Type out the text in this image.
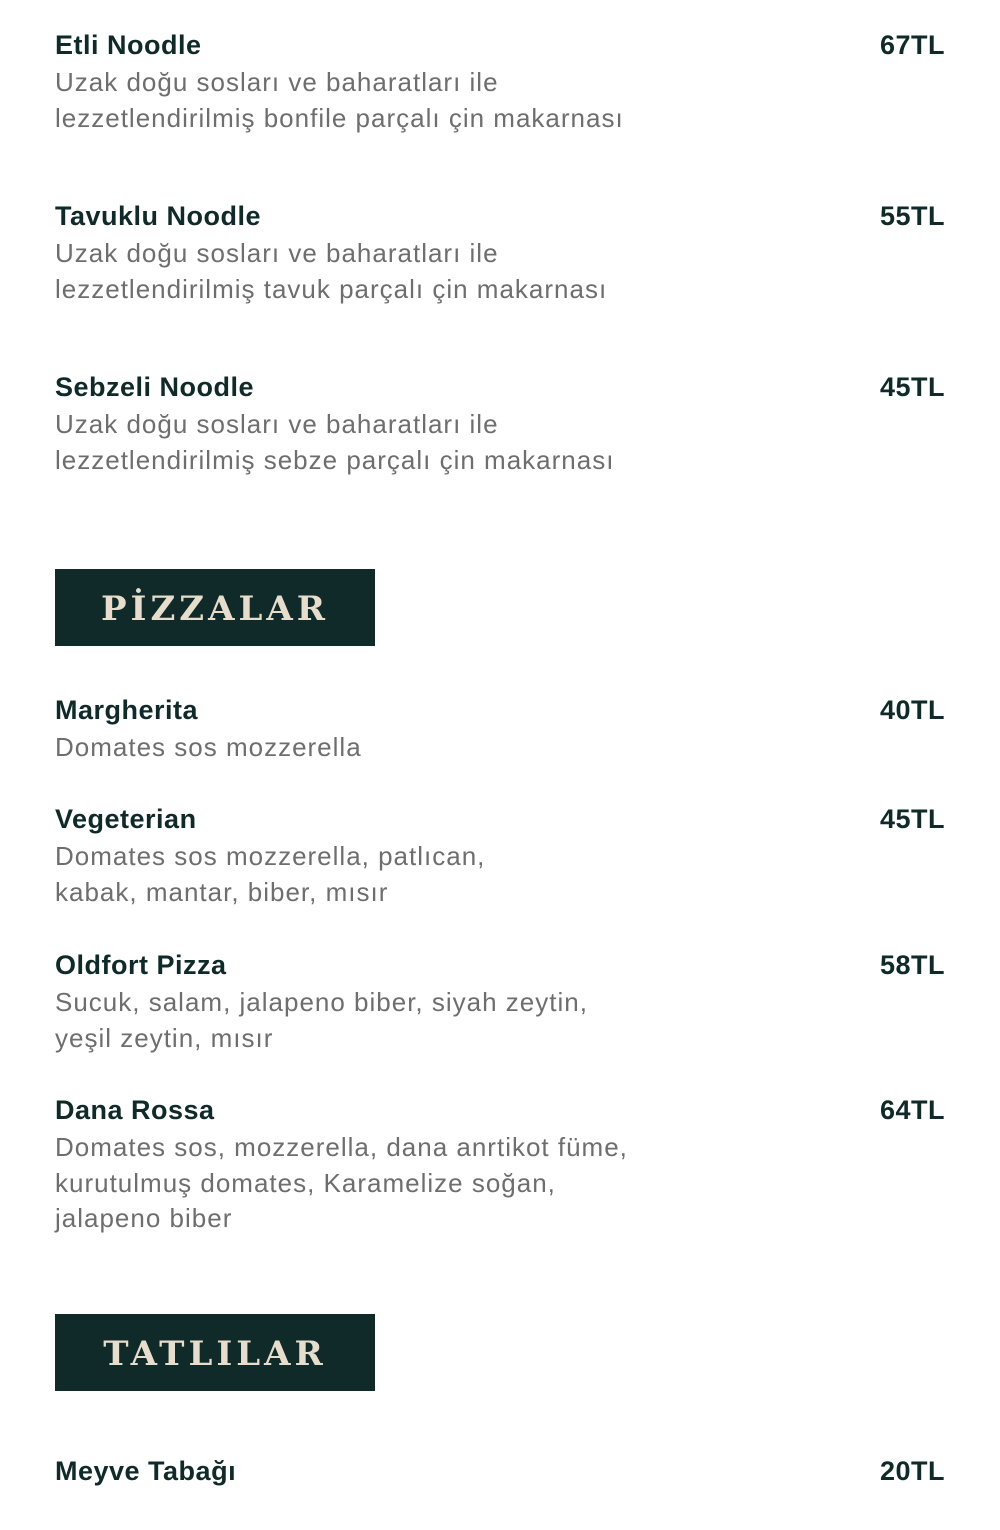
Etli Noodle	67TL
Uzak doğu sosları ve baharatları ile
lezzetlendirilmiş bonfile parçalı çin makarnası
Tavuklu Noodle	55TL
Uzak doğu sosları ve baharatları ile
lezzetlendirilmiş tavuk parçalı çin makarnası
Sebzeli Noodle	45TL
Uzak doğu sosları ve baharatları ile
lezzetlendirilmiş sebze parçalı çin makarnası
PİZZALAR
Margherita	40TL
Domates sos mozzerella
Vegeterian	45TL
Domates sos mozzerella, patlıcan,
kabak, mantar, biber, mısır
Oldfort Pizza	58TL
Sucuk, salam, jalapeno biber, siyah zeytin,
yeşil zeytin, mısır
Dana Rossa	64TL
Domates sos, mozzerella, dana anrtikot füme,
kurutulmuş domates, Karamelize soğan,
jalapeno biber
TATLILAR
Meyve Tabağı	20TL
